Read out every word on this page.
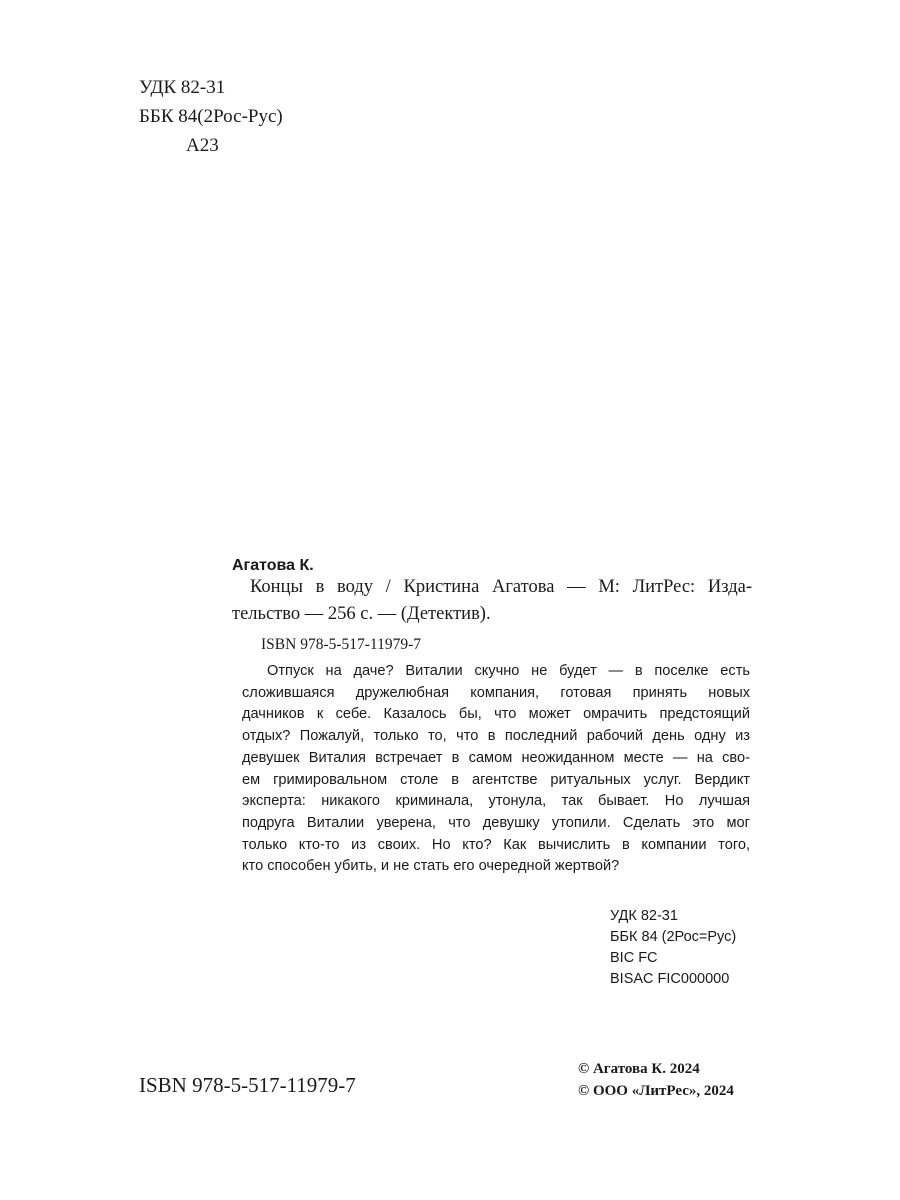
УДК 82-31
ББК 84(2Рос-Рус)
А23
Агатова К.
Концы в воду / Кристина Агатова — М: ЛитРес: Изда-
тельство — 256 с. — (Детектив).
ISBN 978-5-517-11979-7
Отпуск на даче? Виталии скучно не будет — в поселке есть
сложившаяся дружелюбная компания, готовая принять новых
дачников к себе. Казалось бы, что может омрачить предстоящий
отдых? Пожалуй, только то, что в последний рабочий день одну из
девушек Виталия встречает в самом неожиданном месте — на сво-
ем гримировальном столе в агентстве ритуальных услуг. Вердикт
эксперта: никакого криминала, утонула, так бывает. Но лучшая
подруга Виталии уверена, что девушку утопили. Сделать это мог
только кто-то из своих. Но кто? Как вычислить в компании того,
кто способен убить, и не стать его очередной жертвой?
УДК 82-31
ББК 84 (2Рос=Рус)
BIC FC
BISAC FIC000000
ISBN 978-5-517-11979-7
© Агатова К. 2024
© ООО «ЛитРес», 2024
